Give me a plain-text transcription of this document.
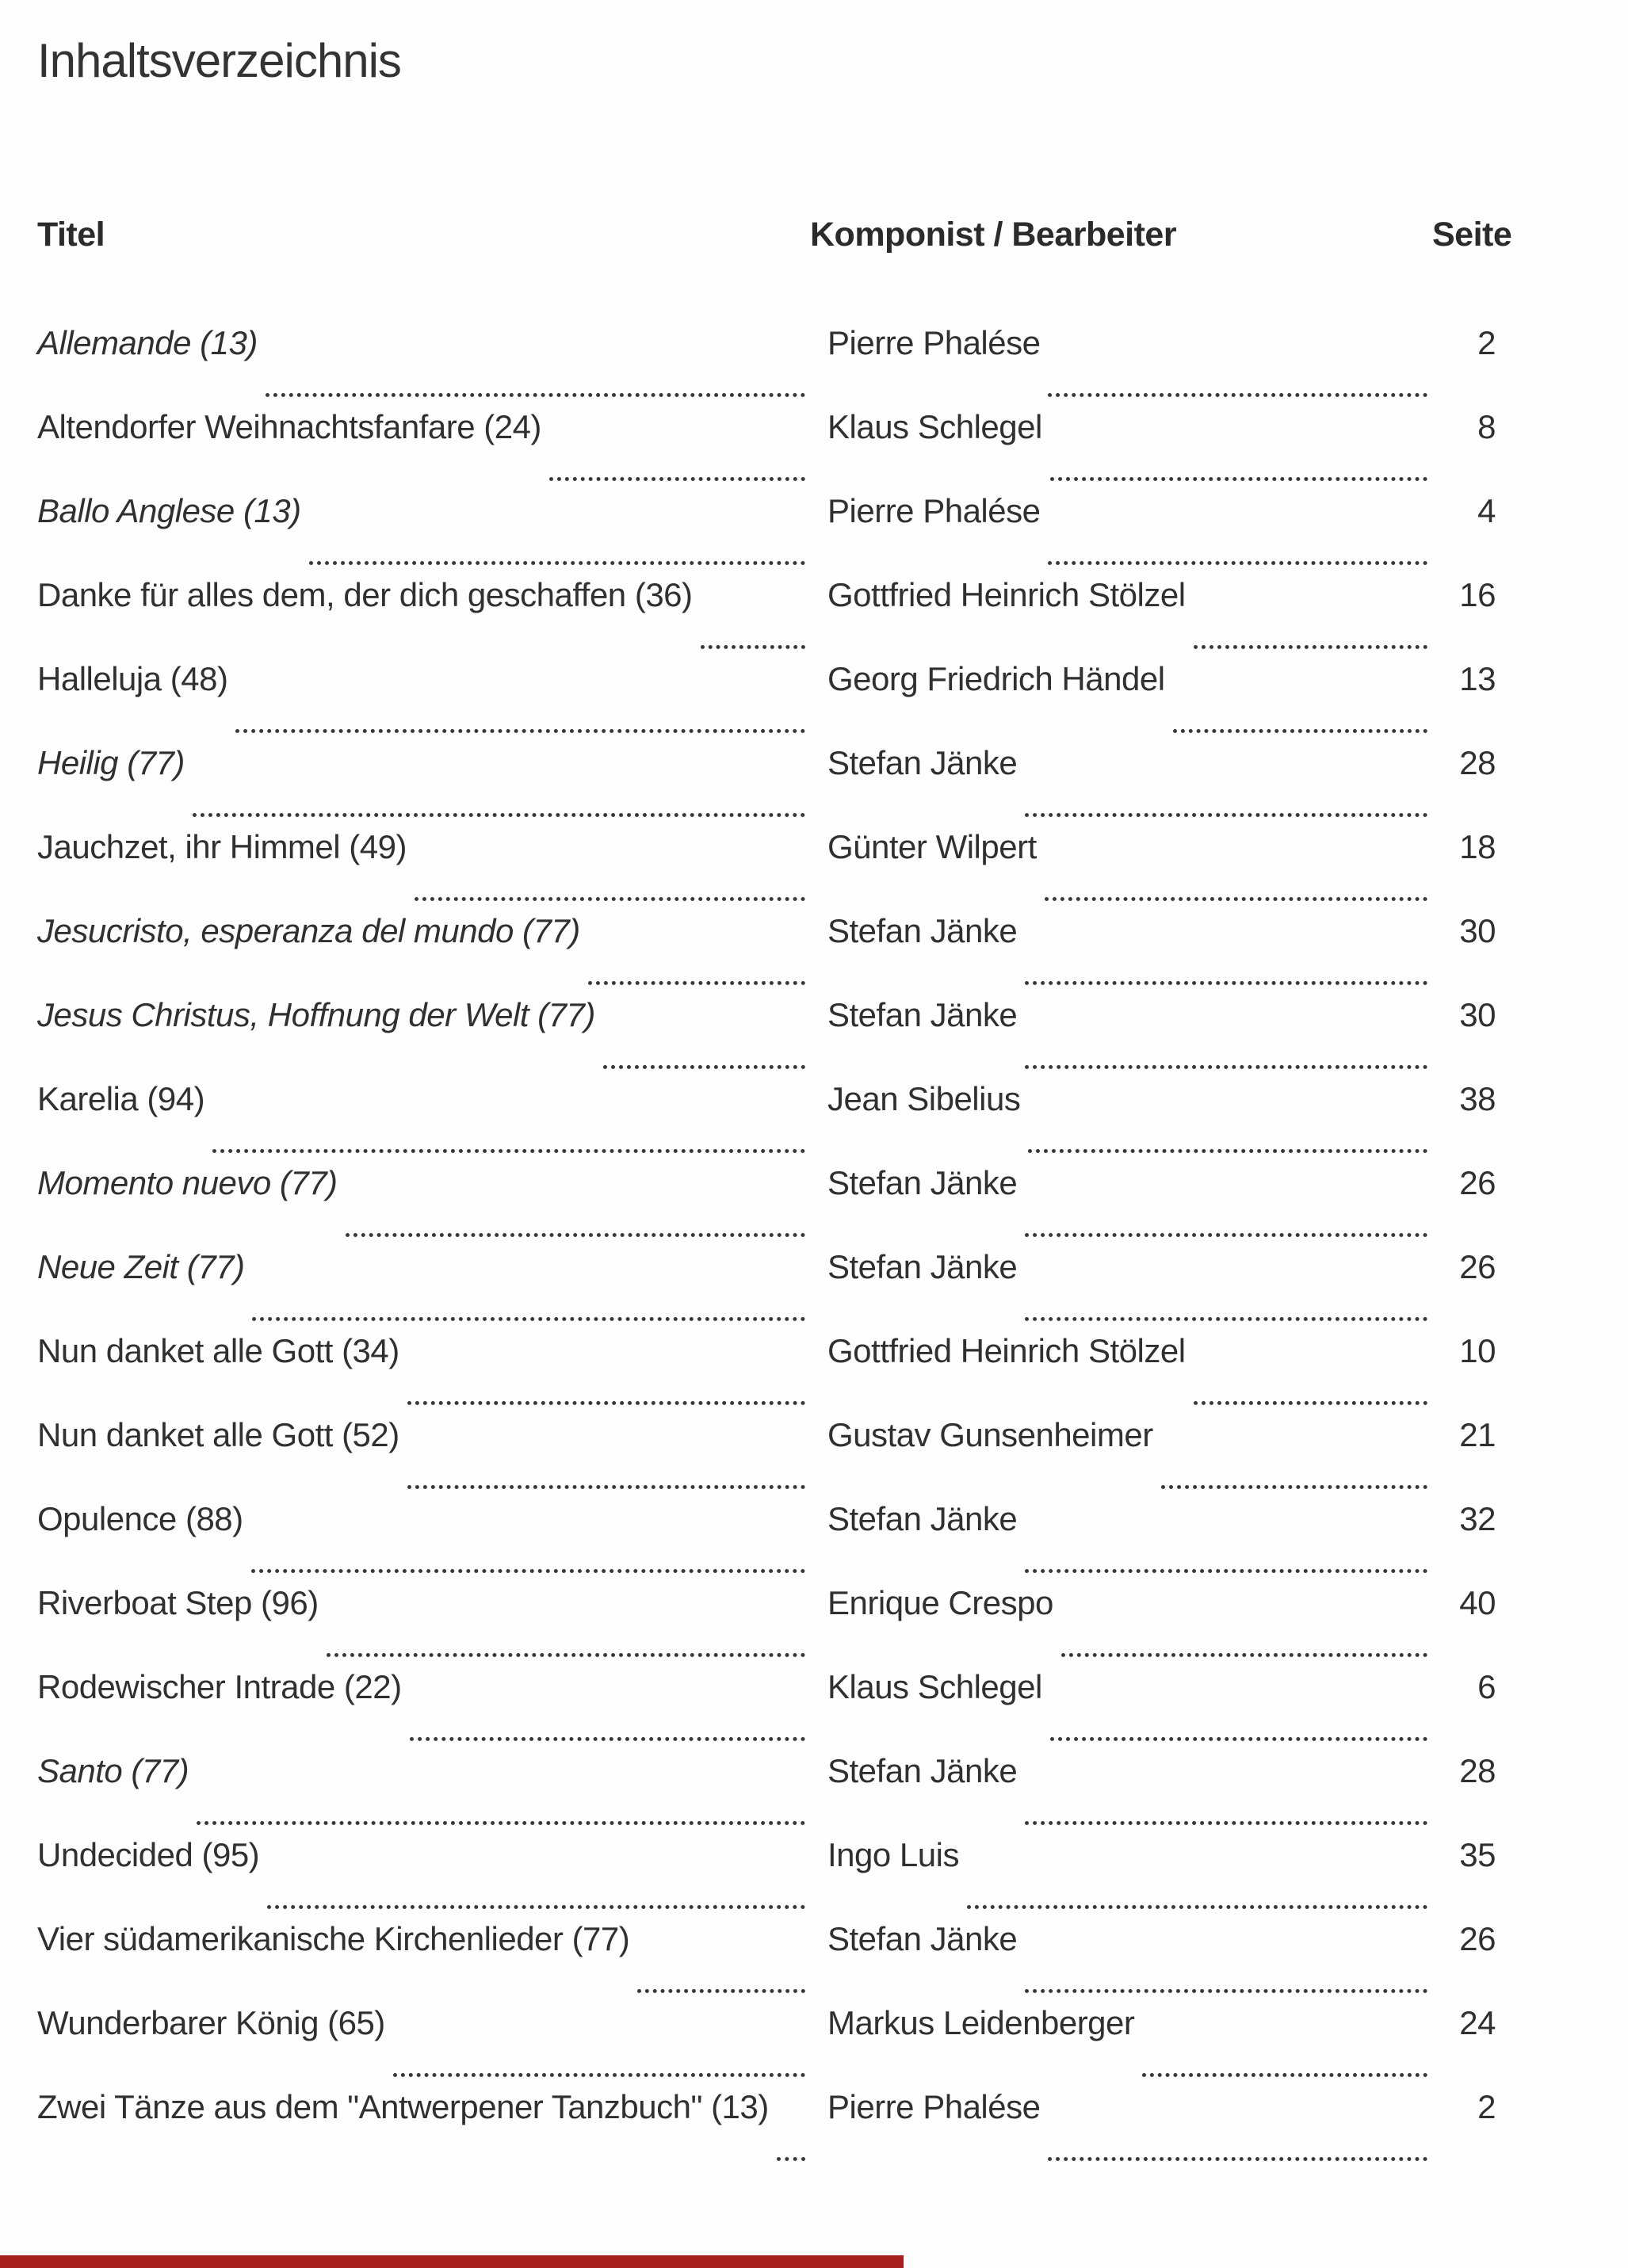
Inhaltsverzeichnis
Titel	Komponist / Bearbeiter	Seite
Allemande (13)	Pierre Phalése	2
Altendorfer Weihnachtsfanfare (24)	Klaus Schlegel	8
Ballo Anglese (13)	Pierre Phalése	4
Danke für alles dem, der dich geschaffen (36)	Gottfried Heinrich Stölzel	16
Halleluja (48)	Georg Friedrich Händel	13
Heilig (77)	Stefan Jänke	28
Jauchzet, ihr Himmel (49)	Günter Wilpert	18
Jesucristo, esperanza del mundo (77)	Stefan Jänke	30
Jesus Christus, Hoffnung der Welt (77)	Stefan Jänke	30
Karelia (94)	Jean Sibelius	38
Momento nuevo (77)	Stefan Jänke	26
Neue Zeit (77)	Stefan Jänke	26
Nun danket alle Gott (34)	Gottfried Heinrich Stölzel	10
Nun danket alle Gott (52)	Gustav Gunsenheimer	21
Opulence (88)	Stefan Jänke	32
Riverboat Step (96)	Enrique Crespo	40
Rodewischer Intrade (22)	Klaus Schlegel	6
Santo (77)	Stefan Jänke	28
Undecided (95)	Ingo Luis	35
Vier südamerikanische Kirchenlieder (77)	Stefan Jänke	26
Wunderbarer König (65)	Markus Leidenberger	24
Zwei Tänze aus dem "Antwerpener Tanzbuch" (13) Pierre Phalése	2
